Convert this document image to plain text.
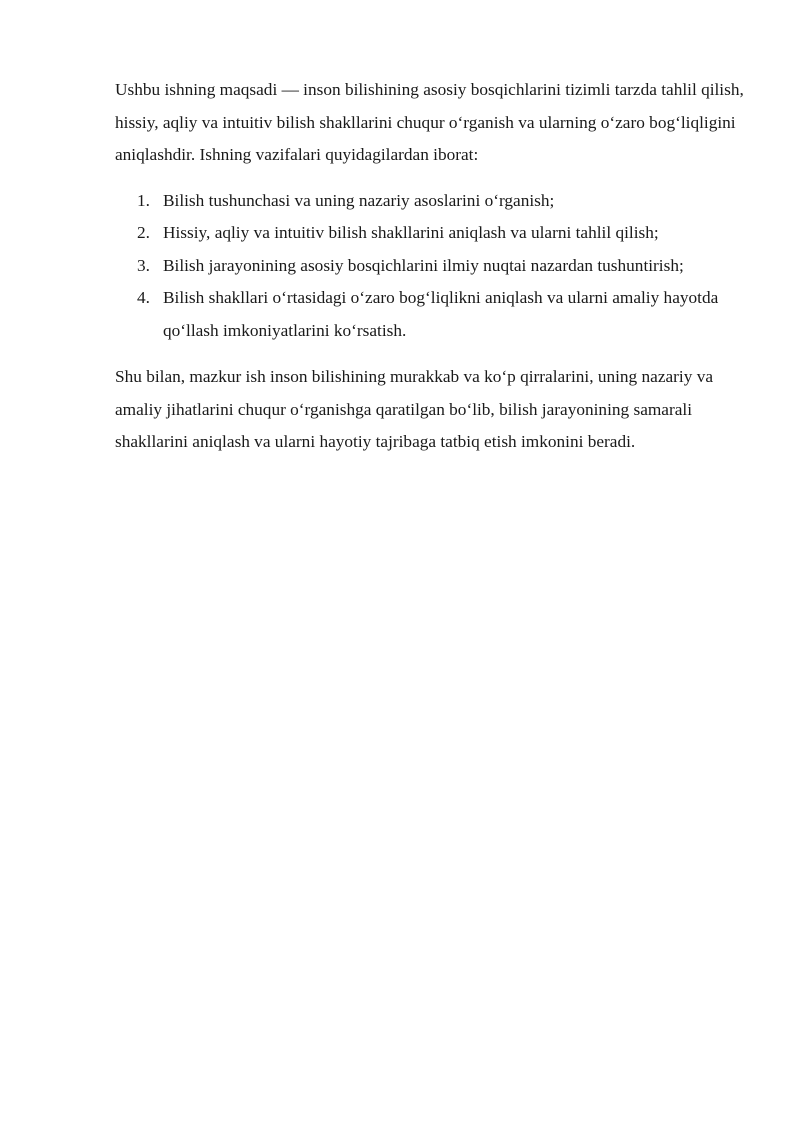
Ushbu ishning maqsadi — inson bilishining asosiy bosqichlarini tizimli tarzda tahlil qilish, hissiy, aqliy va intuitiv bilish shakllarini chuqur o‘rganish va ularning o‘zaro bog‘liqligini aniqlashdir. Ishning vazifalari quyidagilardan iborat:

1. Bilish tushunchasi va uning nazariy asoslarini o‘rganish;
2. Hissiy, aqliy va intuitiv bilish shakllarini aniqlash va ularni tahlil qilish;
3. Bilish jarayonining asosiy bosqichlarini ilmiy nuqtai nazardan tushuntirish;
4. Bilish shakllari o‘rtasidagi o‘zaro bog‘liqlikni aniqlash va ularni amaliy hayotda qo‘llash imkoniyatlarini ko‘rsatish.

Shu bilan, mazkur ish inson bilishining murakkab va ko‘p qirralarini, uning nazariy va amaliy jihatlarini chuqur o‘rganishga qaratilgan bo‘lib, bilish jarayonining samarali shakllarini aniqlash va ularni hayotiy tajribaga tatbiq etish imkonini beradi.
